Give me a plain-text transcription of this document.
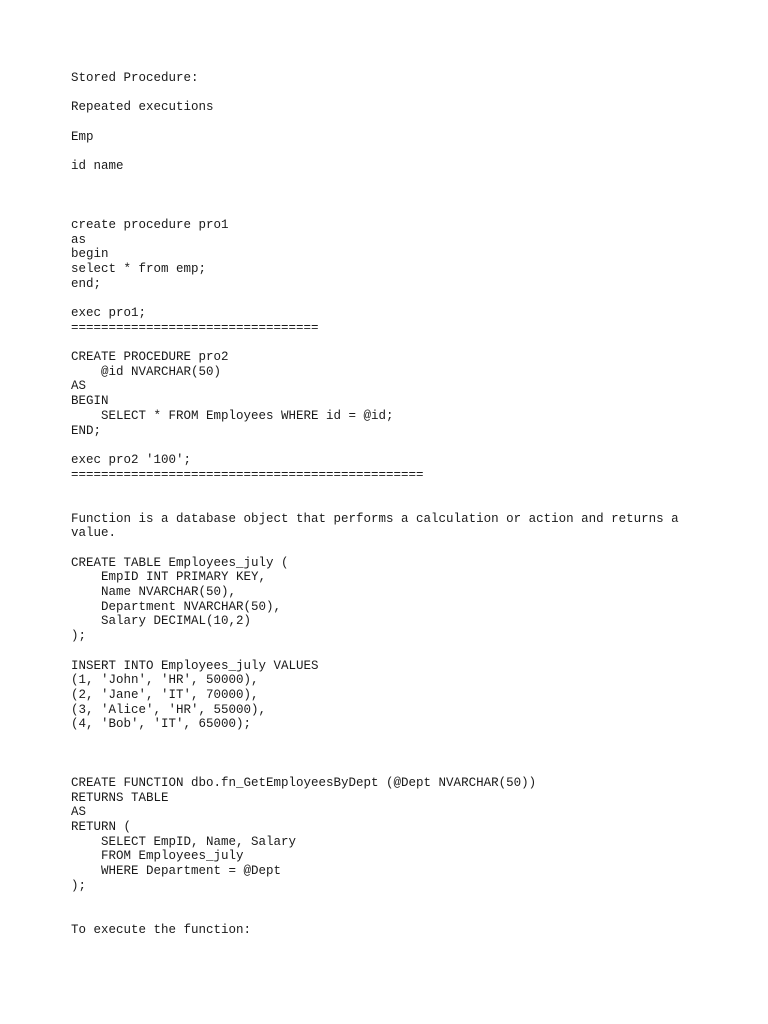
Stored Procedure:
Repeated executions
Emp
id name
create procedure pro1
as
begin
select * from emp;
end;
exec pro1;
=================================
CREATE PROCEDURE pro2
@id NVARCHAR(50)
AS
BEGIN
SELECT * FROM Employees WHERE id = @id;
END;
exec pro2 '100';
===============================================
Function is a database object that performs a calculation or action and returns a
value.
CREATE TABLE Employees_july (
EmpID INT PRIMARY KEY,
Name NVARCHAR(50),
Department NVARCHAR(50),
Salary DECIMAL(10,2)
);
INSERT INTO Employees_july VALUES
(1, 'John', 'HR', 50000),
(2, 'Jane', 'IT', 70000),
(3, 'Alice', 'HR', 55000),
(4, 'Bob', 'IT', 65000);
CREATE FUNCTION dbo.fn_GetEmployeesByDept (@Dept NVARCHAR(50))
RETURNS TABLE
AS
RETURN (
SELECT EmpID, Name, Salary
FROM Employees_july
WHERE Department = @Dept
);
To execute the function:
